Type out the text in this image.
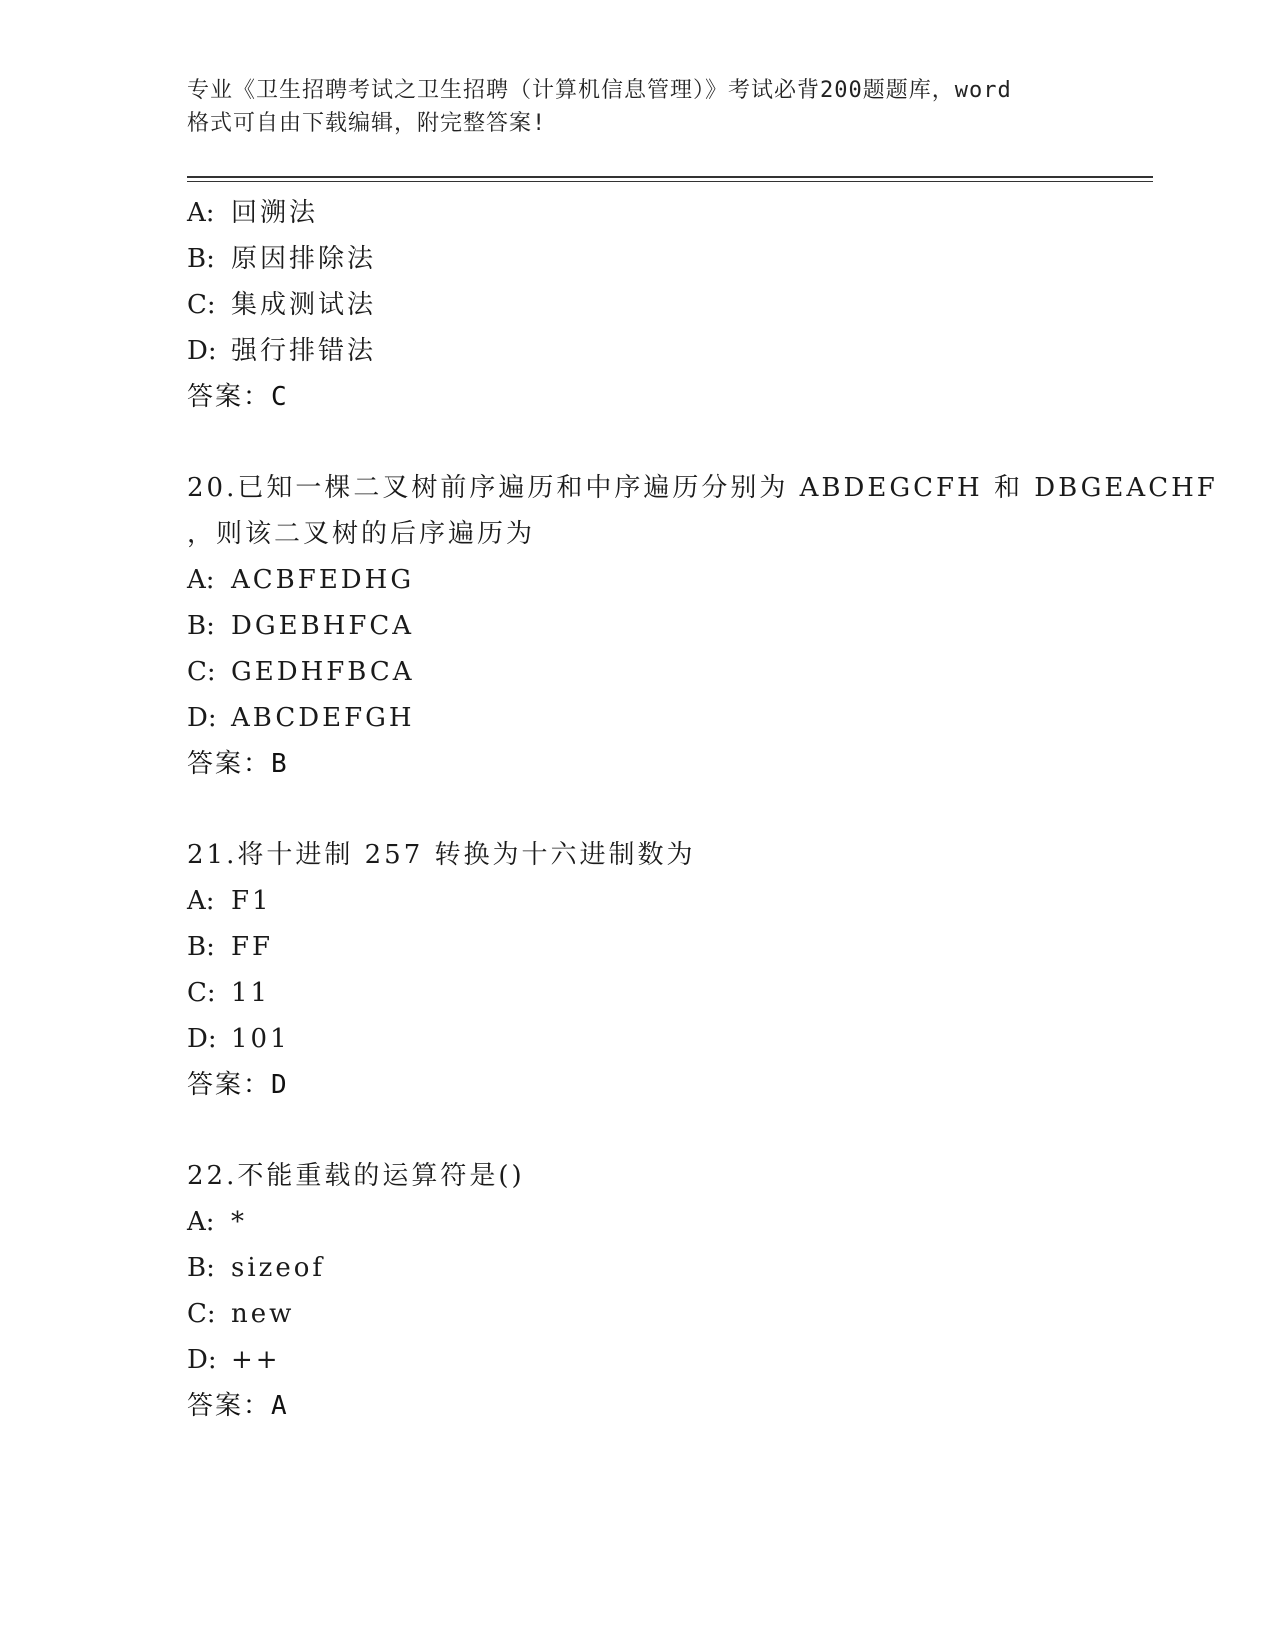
专业《卫生招聘考试之卫生招聘（计算机信息管理）》考试必背200题题库，word
格式可自由下载编辑，附完整答案!
A: 回溯法
B: 原因排除法
C: 集成测试法
D: 强行排错法
答案：C
20.已知一棵二叉树前序遍历和中序遍历分别为 ABDEGCFH 和 DBGEACHF
，则该二叉树的后序遍历为
A: ACBFEDHG
B: DGEBHFCA
C: GEDHFBCA
D: ABCDEFGH
答案：B
21.将十进制 257 转换为十六进制数为
A: F1
B: FF
C: 11
D: 101
答案：D
22.不能重载的运算符是()
A: *
B: sizeof
C: new
D: ++
答案：A
